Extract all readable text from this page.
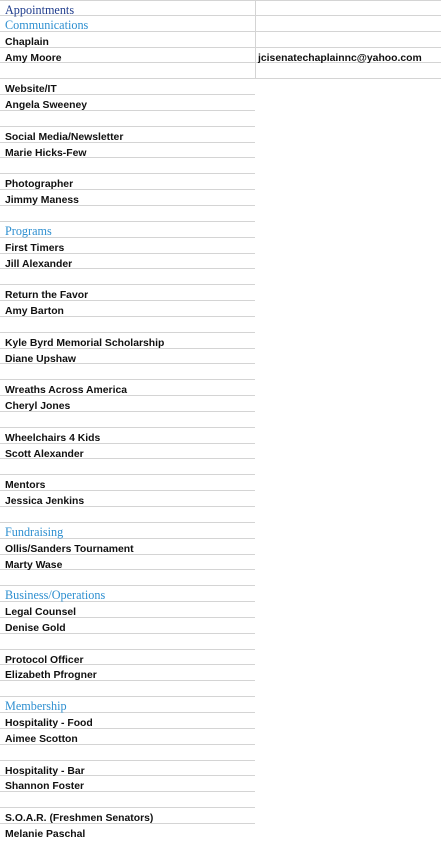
Appointments
Communications
Chaplain
Amy Moore	jcisenatechaplainnc@yahoo.com
Website/IT
Angela Sweeney
Social Media/Newsletter
Marie Hicks-Few
Photographer
Jimmy Maness
Programs
First Timers
Jill Alexander
Return the Favor
Amy Barton
Kyle Byrd Memorial Scholarship
Diane Upshaw
Wreaths Across America
Cheryl Jones
Wheelchairs 4 Kids
Scott Alexander
Mentors
Jessica Jenkins
Fundraising
Ollis/Sanders Tournament
Marty Wase
Business/Operations
Legal Counsel
Denise Gold
Protocol Officer
Elizabeth Pfrogner
Membership
Hospitality - Food
Aimee Scotton
Hospitality - Bar
Shannon Foster
S.O.A.R. (Freshmen Senators)
Melanie Paschal
